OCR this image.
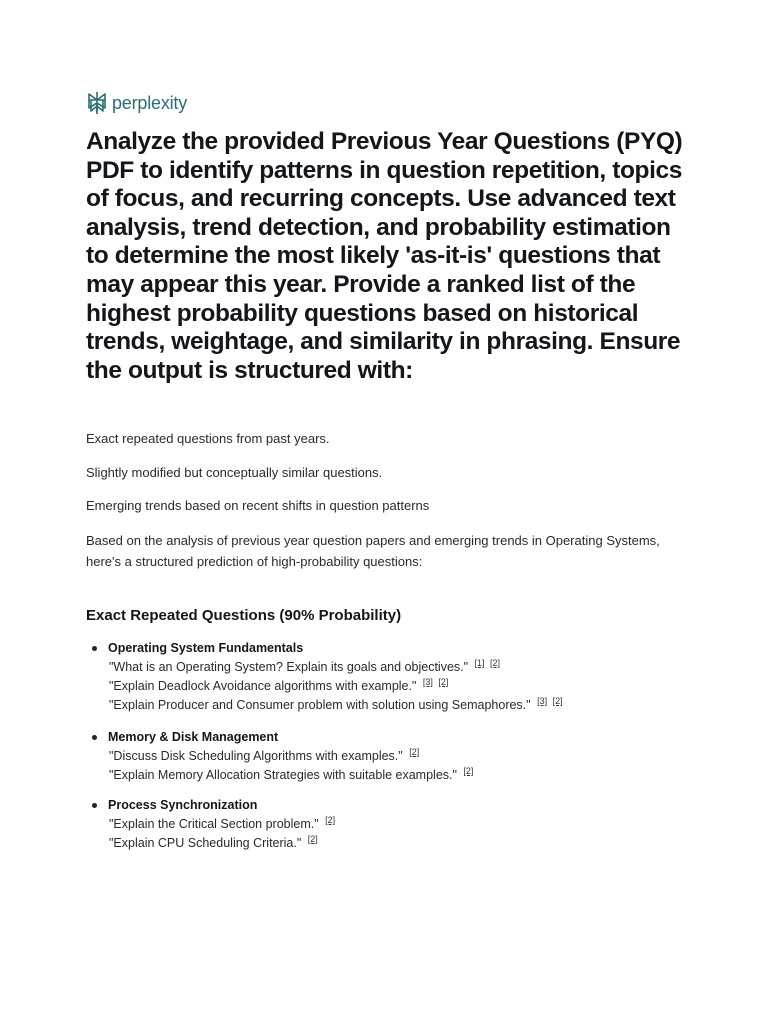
perplexity
Analyze the provided Previous Year Questions (PYQ) PDF to identify patterns in question repetition, topics of focus, and recurring concepts. Use advanced text analysis, trend detection, and probability estimation to determine the most likely 'as-it-is' questions that may appear this year. Provide a ranked list of the highest probability questions based on historical trends, weightage, and similarity in phrasing. Ensure the output is structured with:

Exact repeated questions from past years.

Slightly modified but conceptually similar questions.

Emerging trends based on recent shifts in question patterns

Based on the analysis of previous year question papers and emerging trends in Operating Systems, here's a structured prediction of high-probability questions:

Exact Repeated Questions (90% Probability)
Operating System Fundamentals
"What is an Operating System? Explain its goals and objectives." [1] [2]
"Explain Deadlock Avoidance algorithms with example." [3] [2]
"Explain Producer and Consumer problem with solution using Semaphores." [3] [2]
Memory & Disk Management
"Discuss Disk Scheduling Algorithms with examples." [2]
"Explain Memory Allocation Strategies with suitable examples." [2]
Process Synchronization
"Explain the Critical Section problem." [2]
"Explain CPU Scheduling Criteria." [2]
